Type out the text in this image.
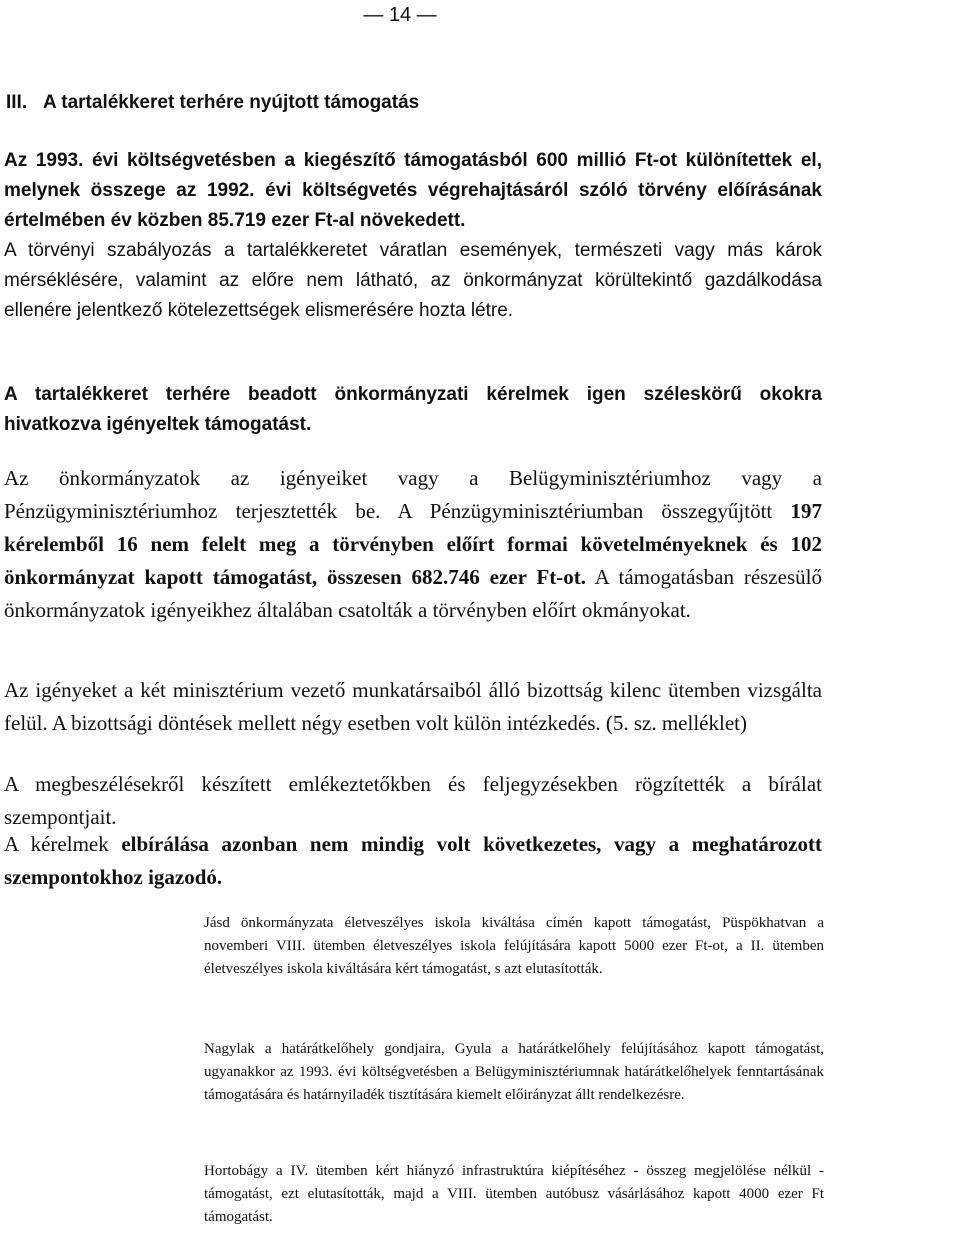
— 14 —
III. A tartalékkeret terhére nyújtott támogatás

Az 1993. évi költségvetésben a kiegészítő támogatásból 600 millió Ft-ot különítettek el, melynek összege az 1992. évi költségvetés végrehajtásáról szóló törvény előírásának értelmében év közben 85.719 ezer Ft-al növekedett.

A törvényi szabályozás a tartalékkeretet váratlan események, természeti vagy más károk mérséklésére, valamint az előre nem látható, az önkormányzat körültekintő gazdálkodása ellenére jelentkező kötelezettségek elismerésére hozta létre.

A tartalékkeret terhére beadott önkormányzati kérelmek igen széleskörű okokra hivatkozva igényeltek támogatást.

Az önkormányzatok az igényeiket vagy a Belügyminisztériumhoz vagy a Pénzügyminisztériumhoz terjesztették be. A Pénzügyminisztériumban összegyűjtött 197 kérelemből 16 nem felelt meg a törvényben előírt formai követelményeknek és 102 önkormányzat kapott támogatást, összesen 682.746 ezer Ft-ot. A támogatásban részesülő önkormányzatok igényeikhez általában csatolták a törvényben előírt okmányokat.

Az igényeket a két minisztérium vezető munkatársaiból álló bizottság kilenc ütemben vizsgálta felül. A bizottsági döntések mellett négy esetben volt külön intézkedés. (5. sz. melléklet)

A megbeszélésekről készített emlékeztetőkben és feljegyzésekben rögzítették a bírálat szempontjait.

A kérelmek elbírálása azonban nem mindig volt következetes, vagy a meghatározott szempontokhoz igazodó.

Jásd önkormányzata életveszélyes iskola kiváltása címén kapott támogatást, Püspökhatvan a novemberi VIII. ütemben életveszélyes iskola felújítására kapott 5000 ezer Ft-ot, a II. ütemben életveszélyes iskola kiváltására kért támogatást, s azt elutasították.

Nagylak a határátkelőhely gondjaira, Gyula a határátkelőhely felújításához kapott támogatást, ugyanakkor az 1993. évi költségvetésben a Belügyminisztériumnak határátkelőhelyek fenntartásának támogatására és határnyiladék tisztítására kiemelt előirányzat állt rendelkezésre.

Hortobágy a IV. ütemben kért hiányzó infrastruktúra kiépítéséhez - összeg megjelölése nélkül - támogatást, ezt elutasították, majd a VIII. ütemben autóbusz vásárlásához kapott 4000 ezer Ft támogatást.
